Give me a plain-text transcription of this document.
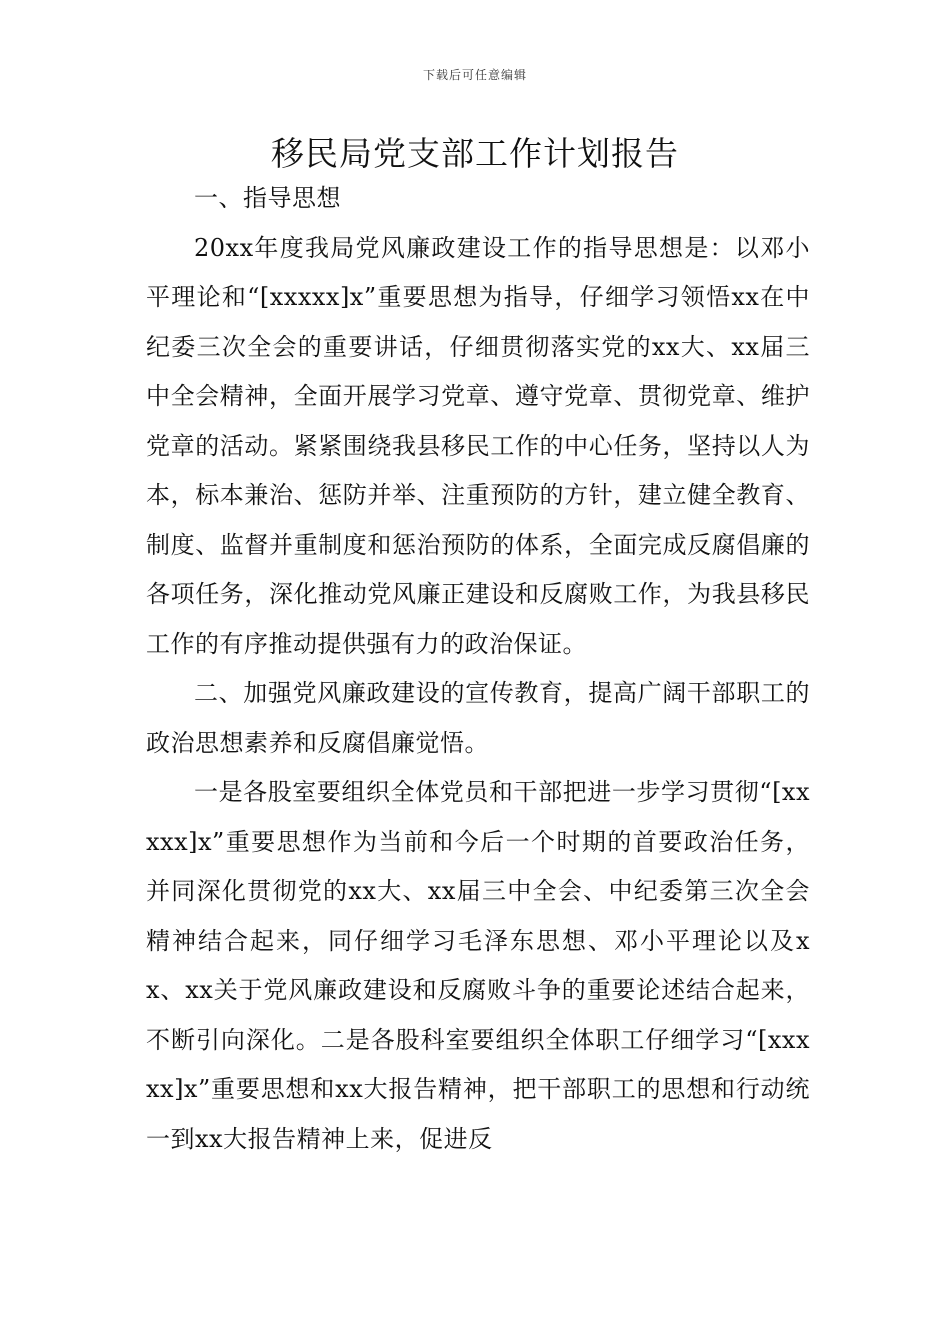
下载后可任意编辑
移民局党支部工作计划报告

一、指导思想

20xx年度我局党风廉政建设工作的指导思想是：以邓小平理论和“[xxxxx]x”重要思想为指导，仔细学习领悟xx在中纪委三次全会的重要讲话，仔细贯彻落实党的xx大、xx届三中全会精神，全面开展学习党章、遵守党章、贯彻党章、维护党章的活动。紧紧围绕我县移民工作的中心任务，坚持以人为本，标本兼治、惩防并举、注重预防的方针，建立健全教育、制度、监督并重制度和惩治预防的体系，全面完成反腐倡廉的各项任务，深化推动党风廉正建设和反腐败工作，为我县移民工作的有序推动提供强有力的政治保证。

二、加强党风廉政建设的宣传教育，提高广阔干部职工的政治思想素养和反腐倡廉觉悟。

一是各股室要组织全体党员和干部把进一步学习贯彻“[xxxxx]x”重要思想作为当前和今后一个时期的首要政治任务，并同深化贯彻党的xx大、xx届三中全会、中纪委第三次全会精神结合起来，同仔细学习毛泽东思想、邓小平理论以及xx、xx关于党风廉政建设和反腐败斗争的重要论述结合起来，不断引向深化。二是各股科室要组织全体职工仔细学习“[xxxxx]x”重要思想和xx大报告精神，把干部职工的思想和行动统一到xx大报告精神上来，促进反
